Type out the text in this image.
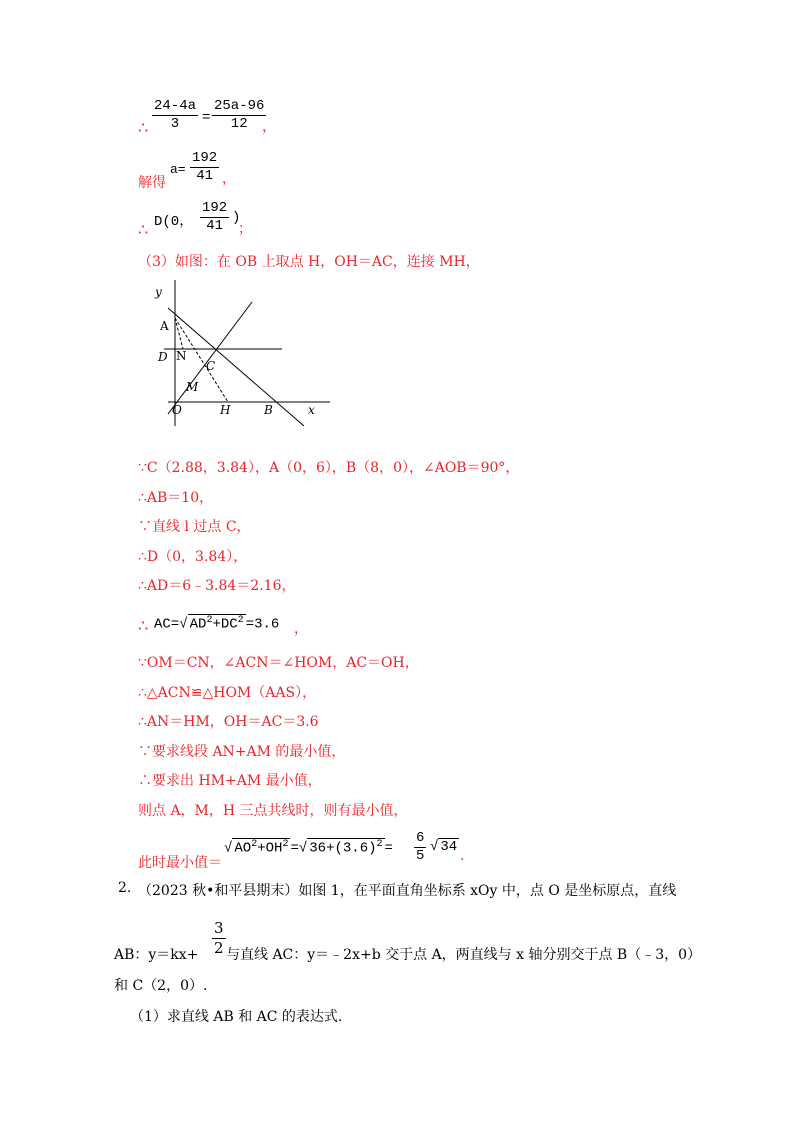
∴ $\frac{24-4a}{3} = \frac{25a-96}{12}$
，
解得
$a= \frac{192}{41}$ ，
∴ D(0， $\frac{192}{41}$ )
；
（3）如图：在 OB 上取点 H，OH＝AC，连接 MH，
y
x
A
D N
C
M
O	H	B
∵C（2.88，3.84），A（0，6），B（8，0），∠AOB＝90°，
∴AB＝10，
∵直线 l 过点 C，
∴D（0，3.84），
∴AD＝6﹣3.84＝2.16，
∴ AC=√ $AD^2+DC^2 =3.6$ ，
∵OM＝CN，∠ACN＝∠HOM，AC＝OH，
∴△ACN≌△HOM（AAS），
∴AN＝HM，OH＝AC＝3.6
∵要求线段 AN+AM 的最小值，
∴要求出 HM+AM 最小值，
则点 A，M，H 三点共线时，则有最小值，
此时最小值＝
√ $AO^2+OH^2$ =√ $36+(3.6)^2 = \frac{6}{5}$ √ 34
.
2. （2023 秋•和平县期末）如图 1，在平面直角坐标系 xOy 中，点 O 是坐标原点，直线
AB：$y=kx+ \frac{3}{2}$ 与直线 AC：y＝﹣2x+b 交于点 A，两直线与 x 轴分别交于点 B（﹣3，0）
和 C（2，0）.
（1）求直线 AB 和 AC 的表达式.
